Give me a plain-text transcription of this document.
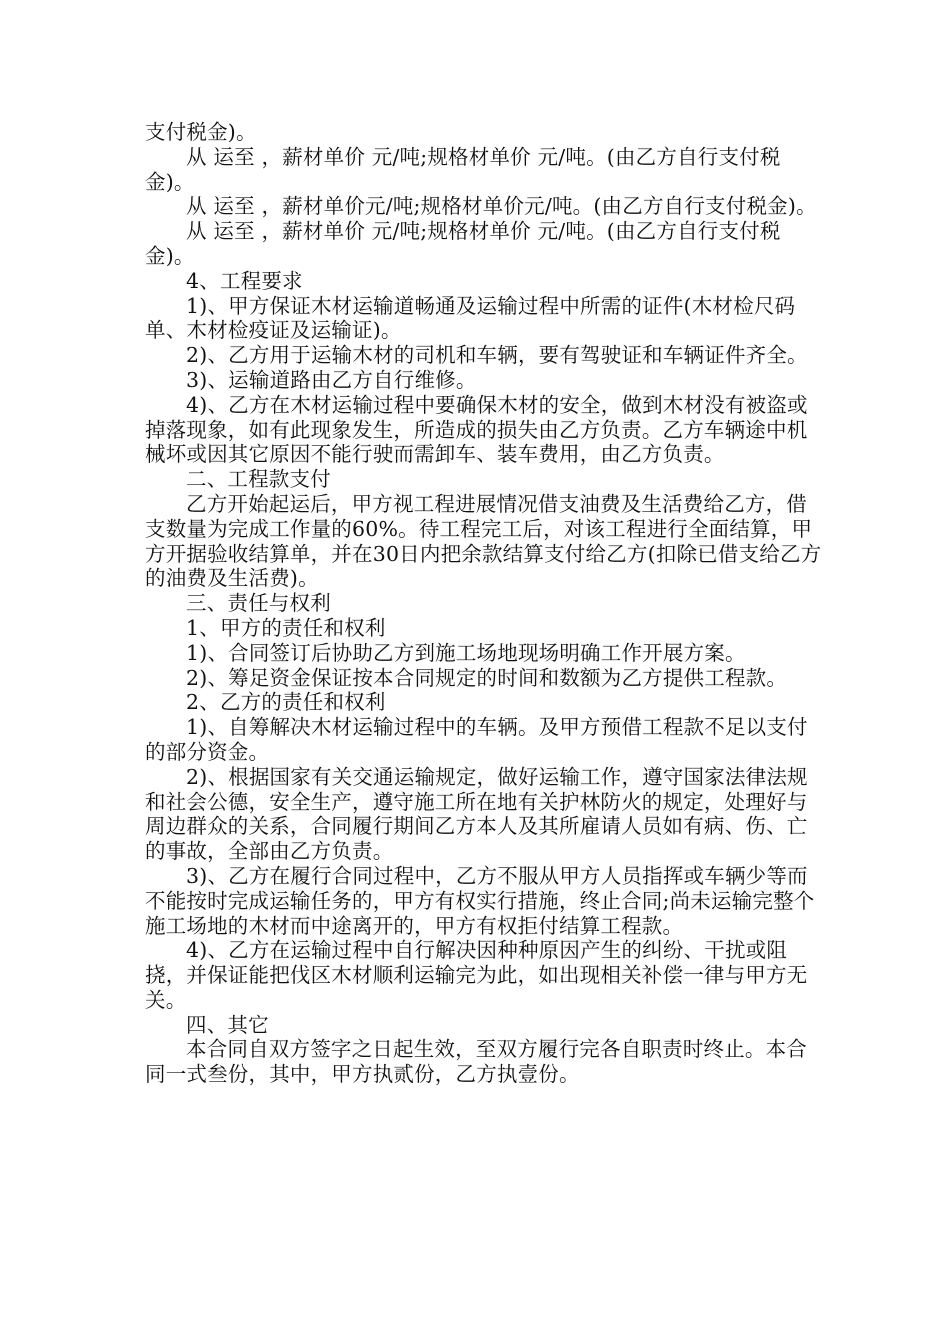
支付税金)。

从 运至 ，薪材单价 元/吨;规格材单价 元/吨。(由乙方自行支付税金)。

从 运至 ，薪材单价元/吨;规格材单价元/吨。(由乙方自行支付税金)。

从 运至 ，薪材单价 元/吨;规格材单价 元/吨。(由乙方自行支付税金)。

4、工程要求

1)、甲方保证木材运输道畅通及运输过程中所需的证件(木材检尺码单、木材检疫证及运输证)。

2)、乙方用于运输木材的司机和车辆，要有驾驶证和车辆证件齐全。

3)、运输道路由乙方自行维修。

4)、乙方在木材运输过程中要确保木材的安全，做到木材没有被盗或掉落现象，如有此现象发生，所造成的损失由乙方负责。乙方车辆途中机械坏或因其它原因不能行驶而需卸车、装车费用，由乙方负责。

二、工程款支付

乙方开始起运后，甲方视工程进展情况借支油费及生活费给乙方，借支数量为完成工作量的60%。待工程完工后，对该工程进行全面结算，甲方开据验收结算单，并在30日内把余款结算支付给乙方(扣除已借支给乙方的油费及生活费)。

三、责任与权利

1、甲方的责任和权利

1)、合同签订后协助乙方到施工场地现场明确工作开展方案。

2)、筹足资金保证按本合同规定的时间和数额为乙方提供工程款。

2、乙方的责任和权利

1)、自筹解决木材运输过程中的车辆。及甲方预借工程款不足以支付的部分资金。

2)、根据国家有关交通运输规定，做好运输工作，遵守国家法律法规和社会公德，安全生产，遵守施工所在地有关护林防火的规定，处理好与周边群众的关系，合同履行期间乙方本人及其所雇请人员如有病、伤、亡的事故，全部由乙方负责。

3)、乙方在履行合同过程中，乙方不服从甲方人员指挥或车辆少等而不能按时完成运输任务的，甲方有权实行措施，终止合同;尚未运输完整个施工场地的木材而中途离开的，甲方有权拒付结算工程款。

4)、乙方在运输过程中自行解决因种种原因产生的纠纷、干扰或阻挠，并保证能把伐区木材顺利运输完为此，如出现相关补偿一律与甲方无关。

四、其它

本合同自双方签字之日起生效，至双方履行完各自职责时终止。本合同一式叁份，其中，甲方执贰份，乙方执壹份。
